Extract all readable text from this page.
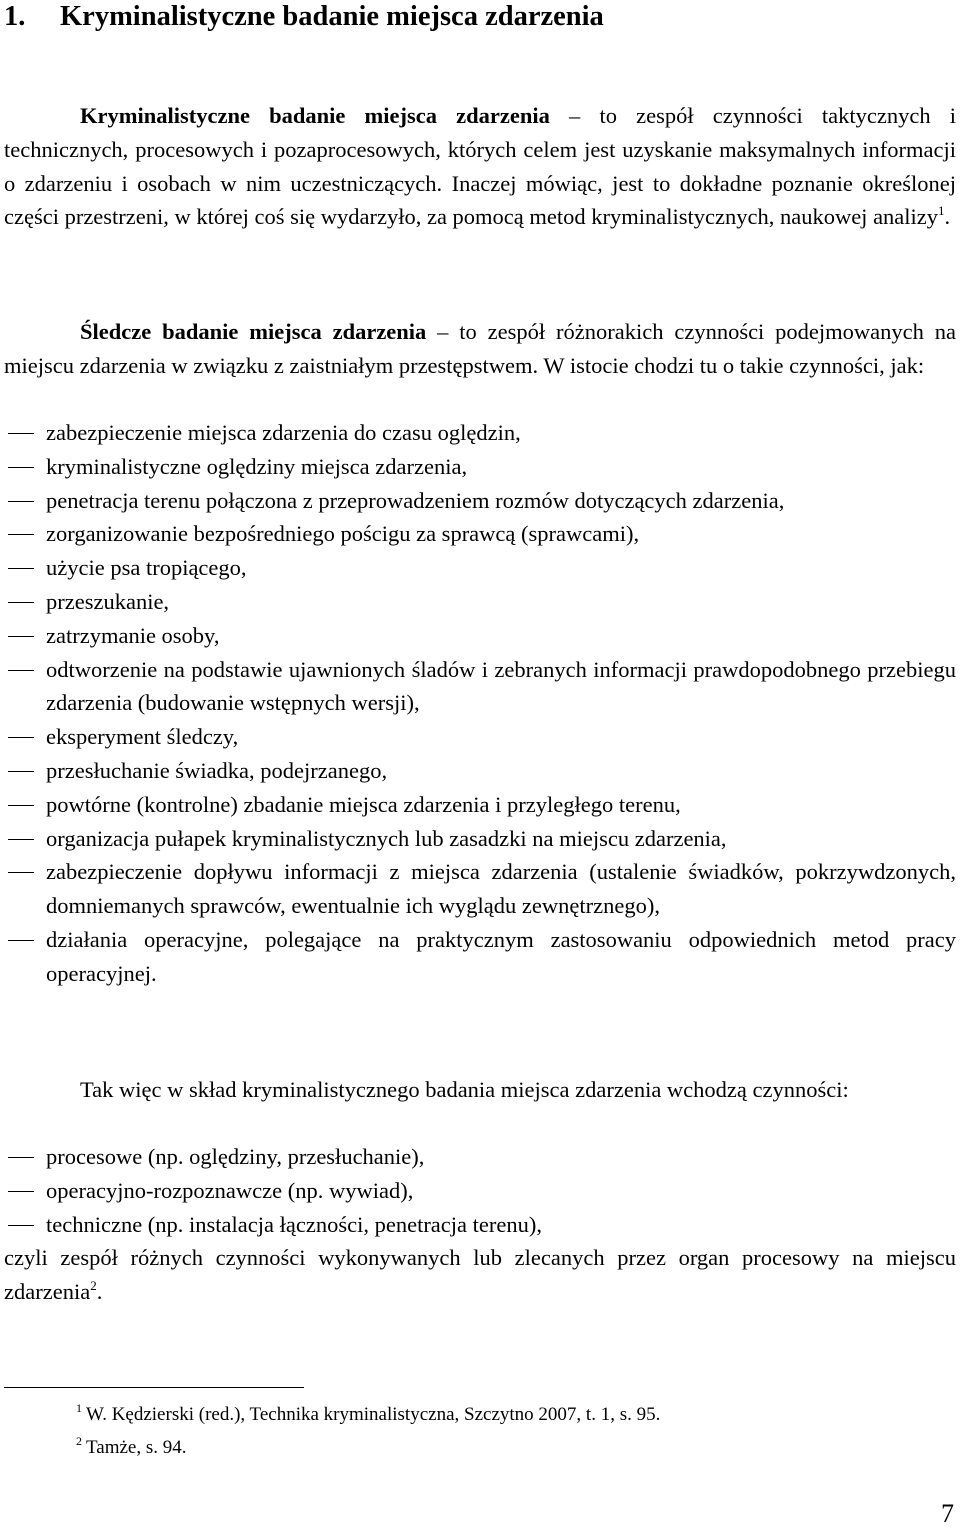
1. Kryminalistyczne badanie miejsca zdarzenia

Kryminalistyczne badanie miejsca zdarzenia – to zespół czynności taktycznych i technicznych, procesowych i pozaprocesowych, których celem jest uzyskanie maksymalnych informacji o zdarzeniu i osobach w nim uczestniczących. Inaczej mówiąc, jest to dokładne poznanie określonej części przestrzeni, w której coś się wydarzyło, za pomocą metod kryminalistycznych, naukowej analizy$^1$.

Śledcze badanie miejsca zdarzenia – to zespół różnorakich czynności podejmowanych na miejscu zdarzenia w związku z zaistniałym przestępstwem. W istocie chodzi tu o takie czynności, jak:

zabezpieczenie miejsca zdarzenia do czasu oględzin,
kryminalistyczne oględziny miejsca zdarzenia,
penetracja terenu połączona z przeprowadzeniem rozmów dotyczących zdarzenia,
zorganizowanie bezpośredniego pościgu za sprawcą (sprawcami),
użycie psa tropiącego,
przeszukanie,
zatrzymanie osoby,
odtworzenie na podstawie ujawnionych śladów i zebranych informacji prawdopodobnego przebiegu zdarzenia (budowanie wstępnych wersji),
eksperyment śledczy,
przesłuchanie świadka, podejrzanego,
powtórne (kontrolne) zbadanie miejsca zdarzenia i przyległego terenu,
organizacja pułapek kryminalistycznych lub zasadzki na miejscu zdarzenia,
zabezpieczenie dopływu informacji z miejsca zdarzenia (ustalenie świadków, pokrzywdzonych, domniemanych sprawców, ewentualnie ich wyglądu zewnętrznego),
działania operacyjne, polegające na praktycznym zastosowaniu odpowiednich metod pracy operacyjnej.

Tak więc w skład kryminalistycznego badania miejsca zdarzenia wchodzą czynności:

procesowe (np. oględziny, przesłuchanie),
operacyjno-rozpoznawcze (np. wywiad),
techniczne (np. instalacja łączności, penetracja terenu),

czyli zespół różnych czynności wykonywanych lub zlecanych przez organ procesowy na miejscu zdarzenia$^2$.

$^1$ W. Kędzierski (red.), Technika kryminalistyczna, Szczytno 2007, t. 1, s. 95.
$^2$ Tamże, s. 94.
7
